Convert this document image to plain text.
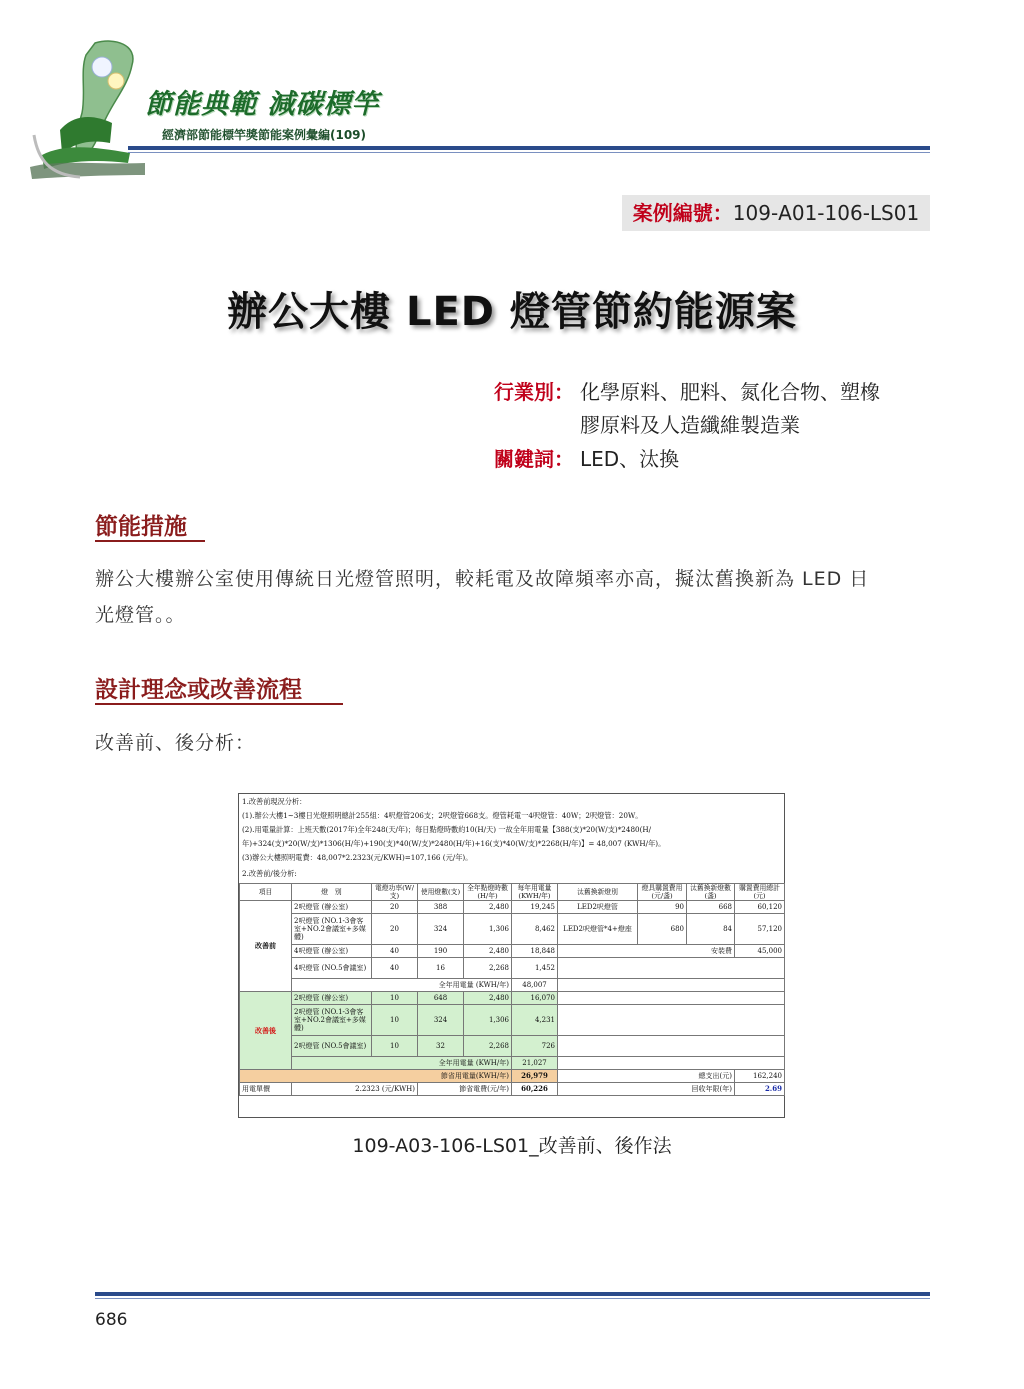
節能典範 減碳標竿
經濟部節能標竿獎節能案例彙編(109)
案例編號：109-A01-106-LS01
辦公大樓 LED 燈管節約能源案
行業別： 化學原料、肥料、氮化合物、塑橡
膠原料及人造纖維製造業
關鍵詞： LED、汰換
節能措施
辦公大樓辦公室使用傳統日光燈管照明，較耗電及故障頻率亦高，擬汰舊換新為 LED 日
光燈管。。
設計理念或改善流程
改善前、後分析：
1.改善前現況分析：
(1).辦公大樓1~3樓日光燈照明總計255組：4呎燈管206支；2呎燈管668支。燈管耗電一4呎燈管：40W；2呎燈管：20W。
(2).用電量計算：上班天數(2017年)全年248(天/年)；每日點燈時數約10(H/天) 一故全年用電量【388(支)*20(W/支)*2480(H/
年)+324(支)*20(W/支)*1306(H/年)+190(支)*40(W/支)*2480(H/年)+16(支)*40(W/支)*2268(H/年)】= 48,007 (KWH/年)。
(3)辦公大樓照明電費：48,007*2.2323(元/KWH)=107,166 (元/年)。
2.改善前/後分析:
項目	燈　別	電燈功率(W/支)	使用燈數(支)	全年點燈時數(H/年)	每年用電量(KWH/年)	汰舊換新燈別	燈具購置費用(元/盞)	汰舊換新燈數(盞)	購置費用總計(元)
改善前	2呎燈管 (辦公室)	20	388	2,480	19,245	LED2呎燈管	90	668	60,120
	2呎燈管 (NO.1-3會客室+NO.2會議室+多媒體)	20	324	1,306	8,462	LED2呎燈管*4+燈座	680	84	57,120
	4呎燈管 (辦公室)	40	190	2,480	18,848	安裝費			45,000
	4呎燈管 (NO.5會議室)	40	16	2,268	1,452				
	全年用電量 (KWH/年)				48,007				
改善後	2呎燈管 (辦公室)	10	648	2,480	16,070				
	2呎燈管 (NO.1-3會客室+NO.2會議室+多媒體)	10	324	1,306	4,231				
	2呎燈管 (NO.5會議室)	10	32	2,268	726				
	全年用電量 (KWH/年)				21,027				
節省用電量(KWH/年)					26,979	總支出(元)			162,240
用電單價	2.2323 (元/KWH)		節省電費(元/年)		60,226	回收年限(年)			2.69
109-A03-106-LS01_改善前、後作法
686
